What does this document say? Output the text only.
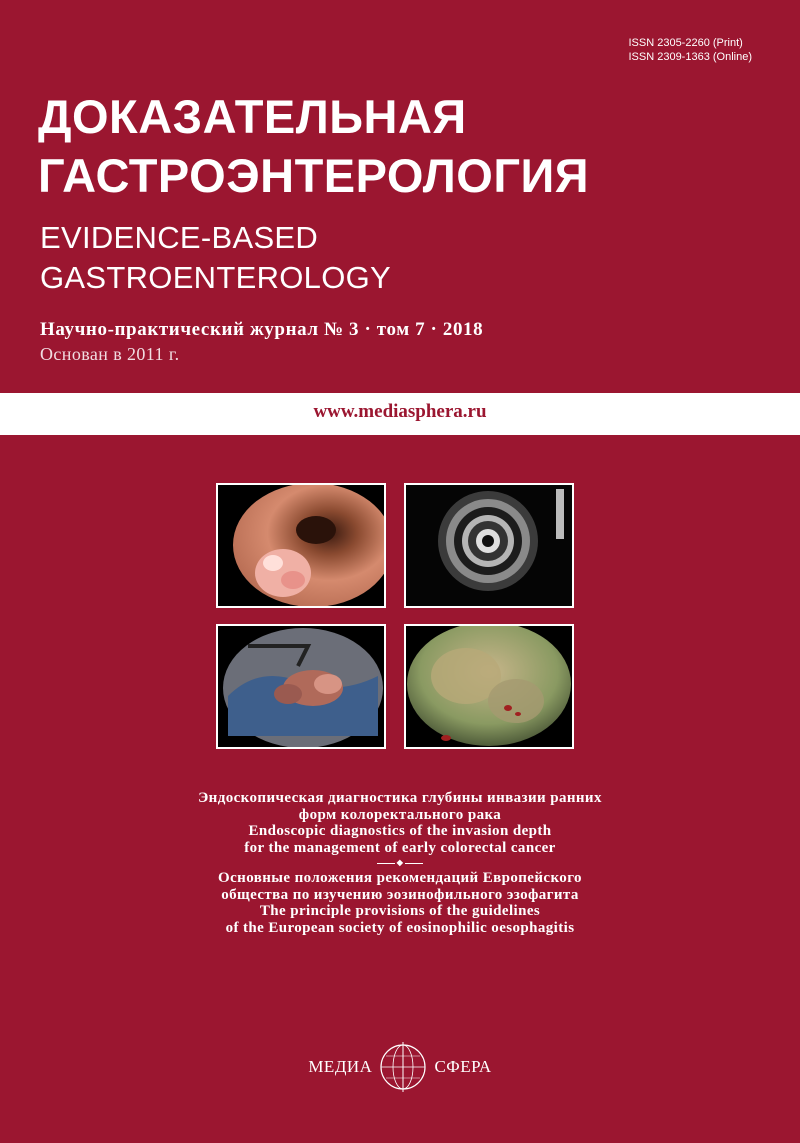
ISSN 2305-2260 (Print)
ISSN 2309-1363 (Online)
ДОКАЗАТЕЛЬНАЯ
ГАСТРОЭНТЕРОЛОГИЯ
EVIDENCE-BASED
GASTROENTEROLOGY
Научно-практический журнал № 3 · том 7 · 2018
Основан в 2011 г.
www.mediasphera.ru
Эндоскопическая диагностика глубины инвазии ранних
форм колоректального рака
Endoscopic diagnostics of the invasion depth
for the management of early colorectal cancer
◆
Основные положения рекомендаций Европейского
общества по изучению эозинофильного эзофагита
The principle provisions of the guidelines
of the European society of eosinophilic oesophagitis
МЕДИА	СФЕРА
